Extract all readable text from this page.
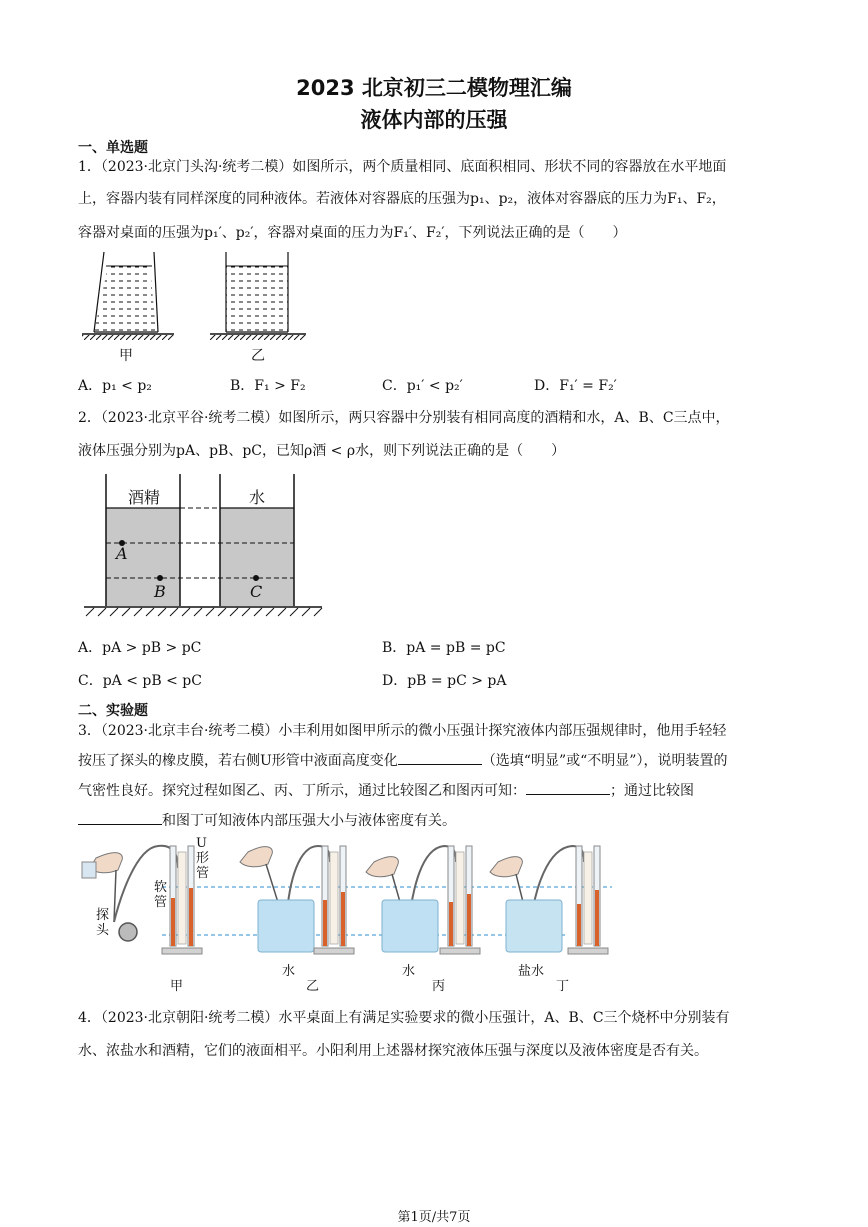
2023 北京初三二模物理汇编
液体内部的压强
一、单选题
1．（2023·北京门头沟·统考二模）如图所示，两个质量相同、底面积相同、形状不同的容器放在水平地面
上，容器内装有同样深度的同种液体。若液体对容器底的压强为p₁、p₂，液体对容器底的压力为F₁、F₂，
容器对桌面的压强为p₁′、p₂′，容器对桌面的压力为F₁′、F₂′，下列说法正确的是（　　）
甲	乙
A．p₁ < p₂	B．F₁ > F₂	C．p₁′ < p₂′	D．F₁′ = F₂′
2．（2023·北京平谷·统考二模）如图所示，两只容器中分别装有相同高度的酒精和水，A、B、C三点中，
液体压强分别为pA、pB、pC，已知ρ酒 < ρ水，则下列说法正确的是（　　）
酒精	水
A
B	C
A．pA > pB > pC	B．pA = pB = pC
C．pA < pB < pC	D．pB = pC > pA
二、实验题
3．（2023·北京丰台·统考二模）小丰利用如图甲所示的微小压强计探究液体内部压强规律时，他用手轻轻
按压了探头的橡皮膜，若右侧U形管中液面高度变化	（选填“明显”或“不明显”），说明装置的
气密性良好。探究过程如图乙、丙、丁所示，通过比较图乙和图丙可知：	；通过比较图
和图丁可知液体内部压强大小与液体密度有关。
U形管
软管
探头
甲
水
乙
水
丙
盐水
丁
4．（2023·北京朝阳·统考二模）水平桌面上有满足实验要求的微小压强计，A、B、C三个烧杯中分别装有
水、浓盐水和酒精，它们的液面相平。小阳利用上述器材探究液体压强与深度以及液体密度是否有关。
第1页/共7页
